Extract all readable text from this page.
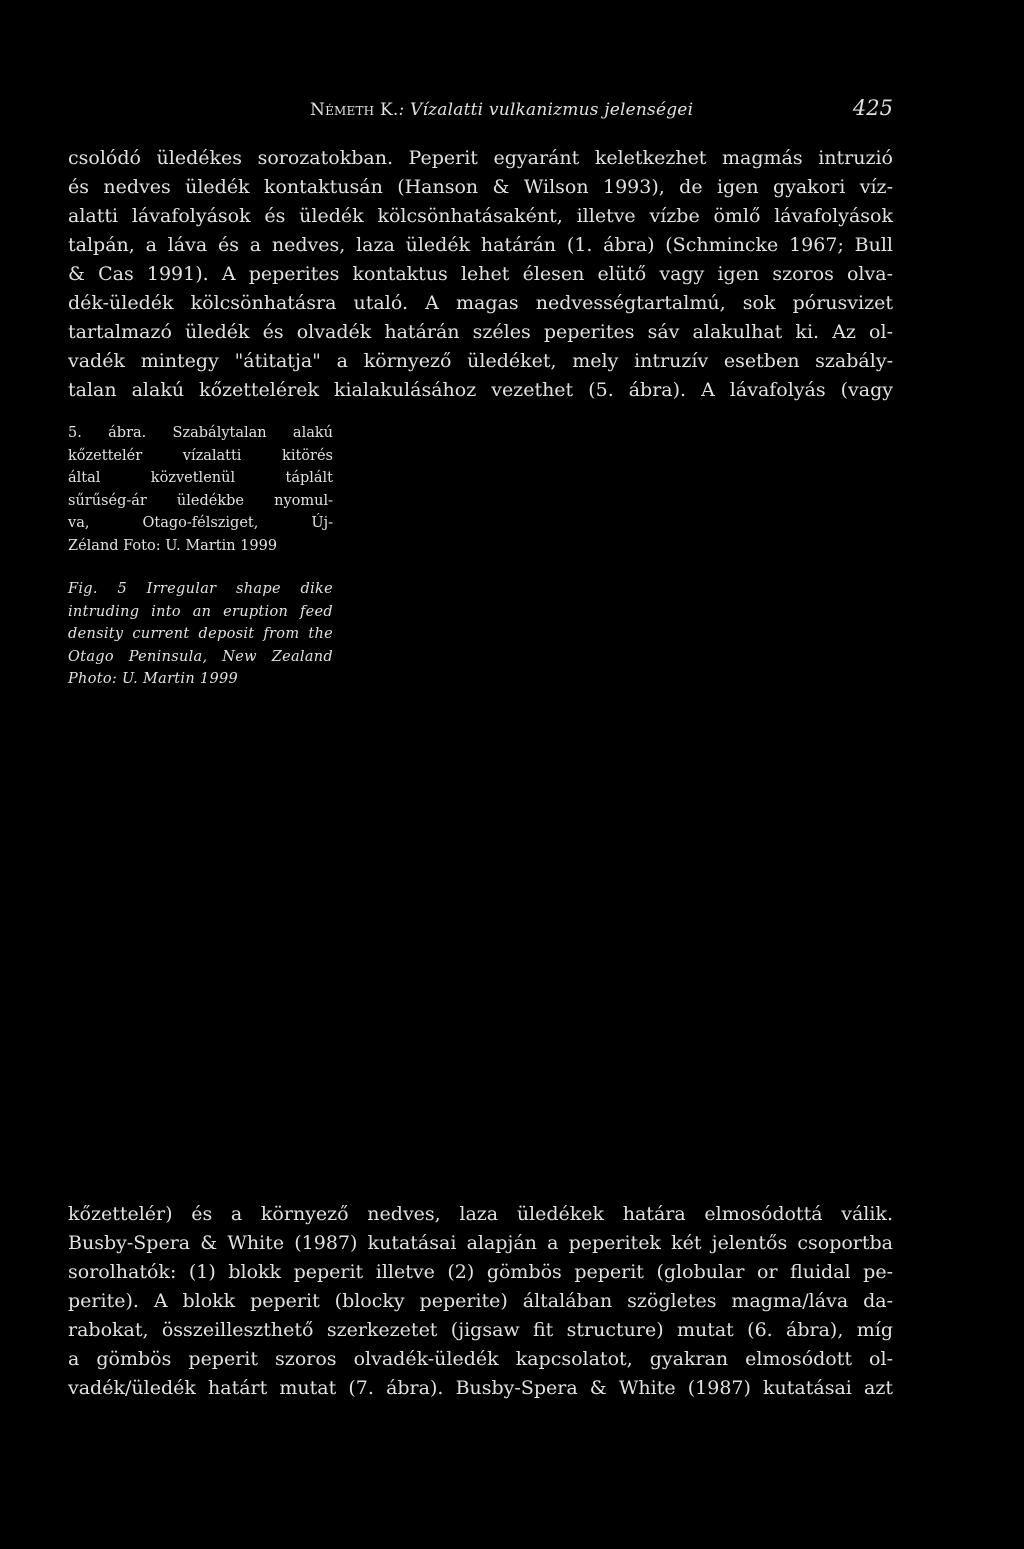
Németh K.: Vízalatti vulkanizmus jelenségei	425

csolódó üledékes sorozatokban. Peperit egyaránt keletkezhet magmás intruzió
és nedves üledék kontaktusán (Hanson & Wilson 1993), de igen gyakori víz-
alatti lávafolyások és üledék kölcsönhatásaként, illetve vízbe ömlő lávafolyások
talpán, a láva és a nedves, laza üledék határán (1. ábra) (Schmincke 1967; Bull
& Cas 1991). A peperites kontaktus lehet élesen elütő vagy igen szoros olva-
dék-üledék kölcsönhatásra utaló. A magas nedvességtartalmú, sok pórusvizet
tartalmazó üledék és olvadék határán széles peperites sáv alakulhat ki. Az ol-
vadék mintegy "átitatja" a környező üledéket, mely intruzív esetben szabály-
talan alakú kőzettelérek kialakulásához vezethet (5. ábra). A lávafolyás (vagy

5. ábra. Szabálytalan alakú
kőzettelér vízalatti kitörés
által közvetlenül táplált
sűrűség-ár üledékbe nyomul-
va, Otago-félsziget, Új-
Zéland Foto: U. Martin 1999

Fig. 5 Irregular shape dike
intruding into an eruption feed
density current deposit from the
Otago Peninsula, New Zealand
Photo: U. Martin 1999

kőzettelér) és a környező nedves, laza üledékek határa elmosódottá válik.
Busby-Spera & White (1987) kutatásai alapján a peperitek két jelentős csoportba
sorolhatók: (1) blokk peperit illetve (2) gömbös peperit (globular or fluidal pe-
perite). A blokk peperit (blocky peperite) általában szögletes magma/láva da-
rabokat, összeilleszthető szerkezetet (jigsaw fit structure) mutat (6. ábra), míg
a gömbös peperit szoros olvadék-üledék kapcsolatot, gyakran elmosódott ol-
vadék/üledék határt mutat (7. ábra). Busby-Spera & White (1987) kutatásai azt
